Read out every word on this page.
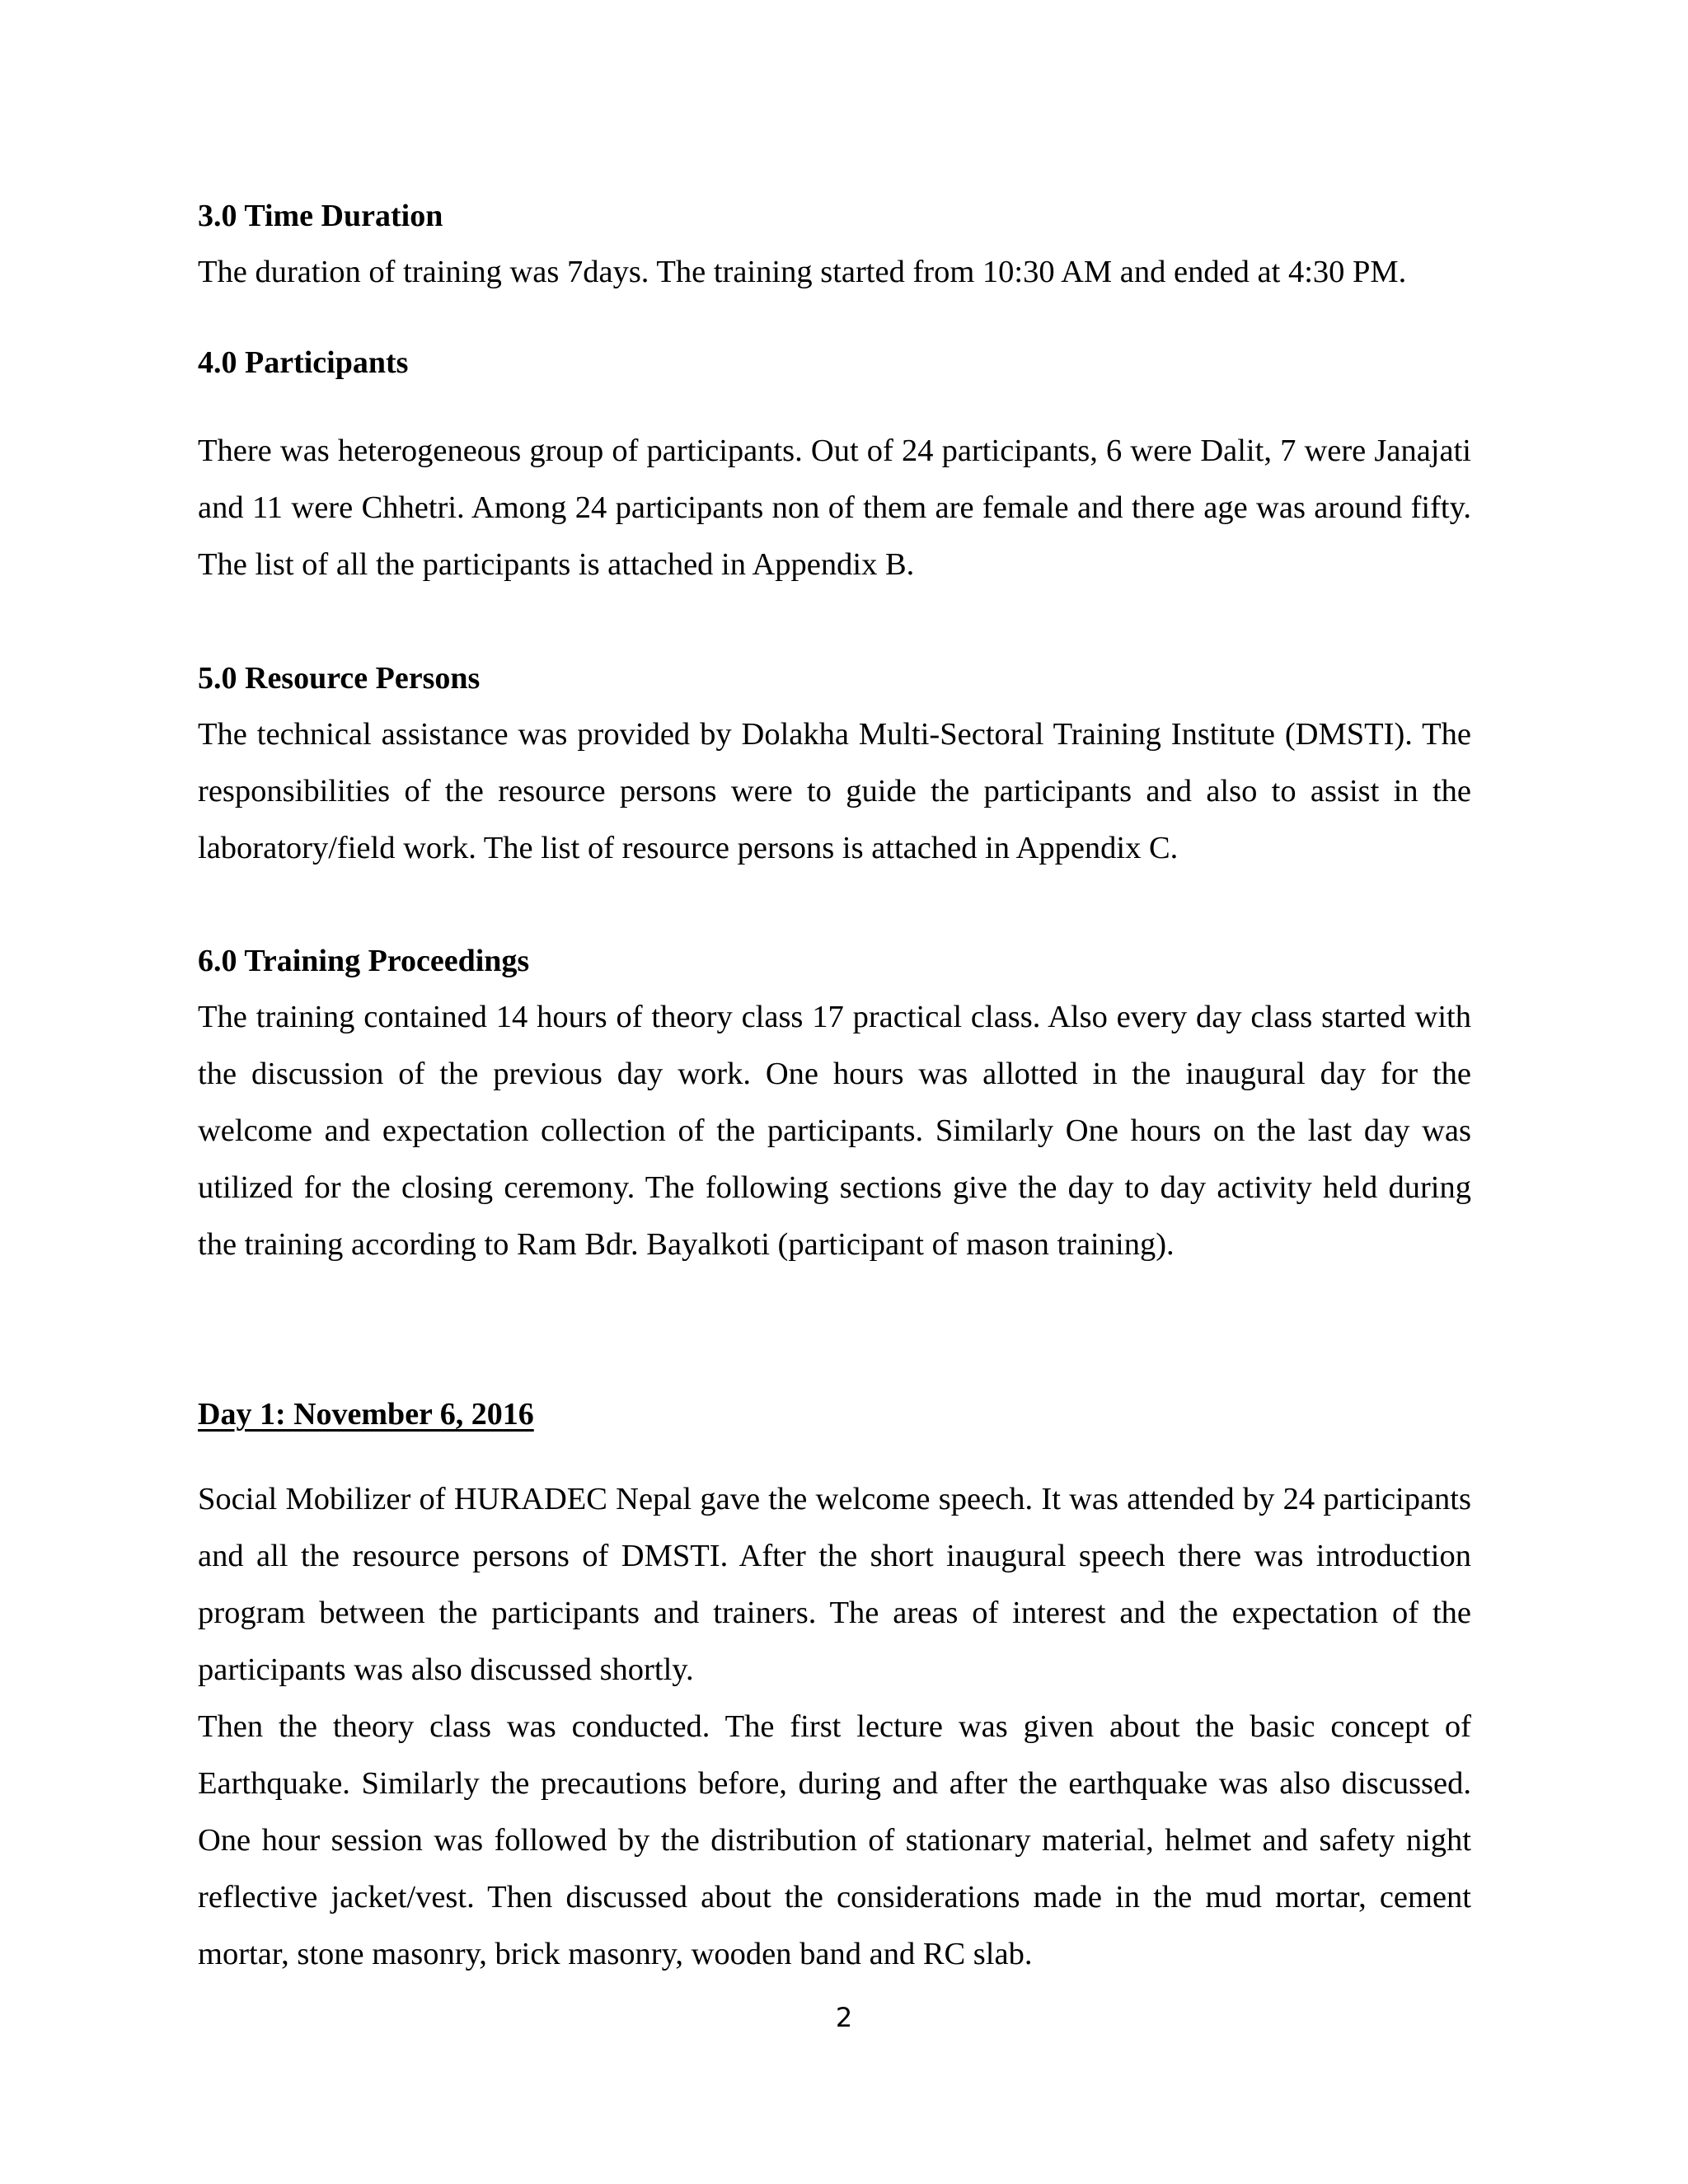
3.0 Time Duration
The duration of training was 7days. The training started from 10:30 AM and ended at 4:30 PM.
4.0 Participants

There was heterogeneous group of participants. Out of 24 participants, 6 were Dalit, 7 were Janajati and 11 were Chhetri. Among 24 participants non of them are female and there age was around fifty. The list of all the participants is attached in Appendix B.

5.0 Resource Persons

The technical assistance was provided by Dolakha Multi-Sectoral Training Institute (DMSTI). The responsibilities of the resource persons were to guide the participants and also to assist in the laboratory/field work. The list of resource persons is attached in Appendix C.

6.0 Training Proceedings

The training contained 14 hours of theory class 17 practical class. Also every day class started with the discussion of the previous day work. One hours was allotted in the inaugural day for the welcome and expectation collection of the participants. Similarly One hours on the last day was utilized for the closing ceremony. The following sections give the day to day activity held during the training according to Ram Bdr. Bayalkoti (participant of mason training).

Day 1: November 6, 2016

Social Mobilizer of HURADEC Nepal gave the welcome speech. It was attended by 24 participants and all the resource persons of DMSTI. After the short inaugural speech there was introduction program between the participants and trainers. The areas of interest and the expectation of the participants was also discussed shortly.

Then the theory class was conducted. The first lecture was given about the basic concept of Earthquake. Similarly the precautions before, during and after the earthquake was also discussed. One hour session was followed by the distribution of stationary material, helmet and safety night reflective jacket/vest. Then discussed about the considerations made in the mud mortar, cement mortar, stone masonry, brick masonry, wooden band and RC slab.

2
